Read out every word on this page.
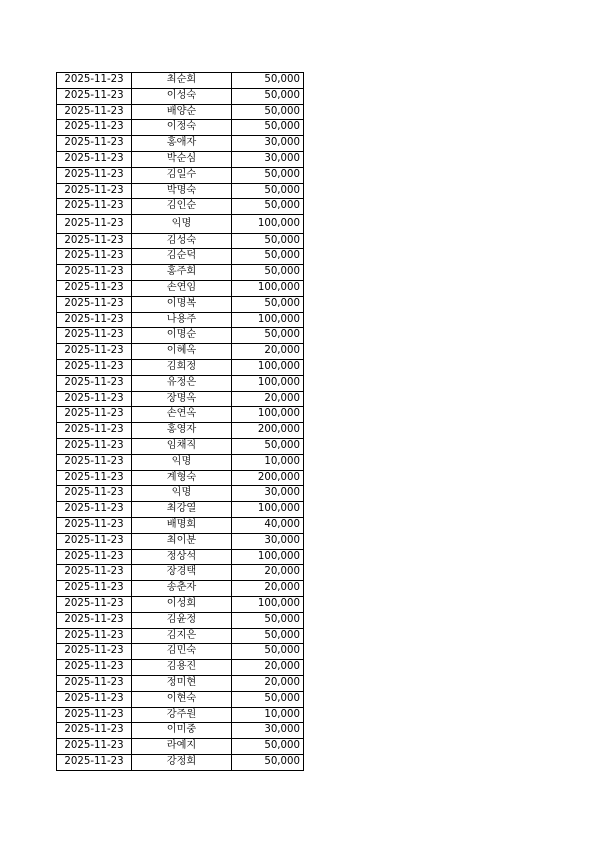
2025-11-23	최순희	50,000
2025-11-23	이성숙	50,000
2025-11-23	배양순	50,000
2025-11-23	이정숙	50,000
2025-11-23	홍애자	30,000
2025-11-23	박순심	30,000
2025-11-23	김일수	50,000
2025-11-23	박명숙	50,000
2025-11-23	김인순	50,000
2025-11-23	익명	100,000
2025-11-23	김성숙	50,000
2025-11-23	김순덕	50,000
2025-11-23	홍주희	50,000
2025-11-23	손연임	100,000
2025-11-23	이명복	50,000
2025-11-23	나용주	100,000
2025-11-23	이명순	50,000
2025-11-23	이혜옥	20,000
2025-11-23	김희정	100,000
2025-11-23	유정은	100,000
2025-11-23	장명옥	20,000
2025-11-23	손연옥	100,000
2025-11-23	홍영자	200,000
2025-11-23	임채직	50,000
2025-11-23	익명	10,000
2025-11-23	계형숙	200,000
2025-11-23	익명	30,000
2025-11-23	최강열	100,000
2025-11-23	배명희	40,000
2025-11-23	최이분	30,000
2025-11-23	정상석	100,000
2025-11-23	장경택	20,000
2025-11-23	송춘자	20,000
2025-11-23	이성희	100,000
2025-11-23	김윤정	50,000
2025-11-23	김지은	50,000
2025-11-23	김민숙	50,000
2025-11-23	김용진	20,000
2025-11-23	정미현	20,000
2025-11-23	이현숙	50,000
2025-11-23	강주원	10,000
2025-11-23	이미중	30,000
2025-11-23	라예지	50,000
2025-11-23	강정희	50,000
